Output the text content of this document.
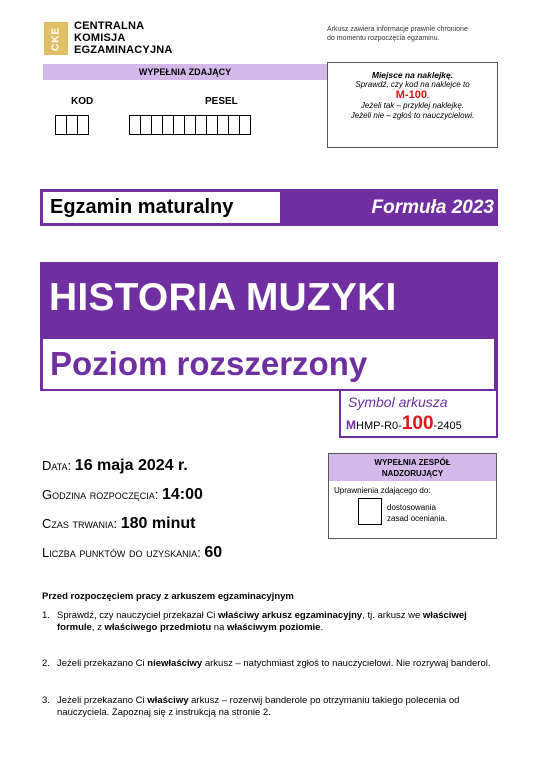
CKE
CENTRALNA
KOMISJA
EGZAMINACYJNA
Arkusz zawiera informacje prawnie chronione
do momentu rozpoczęcia egzaminu.
WYPEŁNIA ZDAJĄCY
KOD	PESEL
Miejsce na naklejkę.
Sprawdź, czy kod na naklejce to
M-100.
Jeżeli tak – przyklej naklejkę.
Jeżeli nie – zgłoś to nauczycielowi.
Egzamin maturalny	Formuła 2023
HISTORIA MUZYKI
Poziom rozszerzony
Symbol arkusza
MHMP-R0-100-2405
Data: 16 maja 2024 r.
Godzina rozpoczęcia: 14:00
Czas trwania: 180 minut
Liczba punktów do uzyskania: 60
WYPEŁNIA ZESPÓŁ
NADZORUJĄCY
Uprawnienia zdającego do:
dostosowania
zasad oceniania.
Przed rozpoczęciem pracy z arkuszem egzaminacyjnym
1. Sprawdź, czy nauczyciel przekazał Ci właściwy arkusz egzaminacyjny, tj. arkusz we właściwej formule, z właściwego przedmiotu na właściwym poziomie.
2. Jeżeli przekazano Ci niewłaściwy arkusz – natychmiast zgłoś to nauczycielowi. Nie rozrywaj banderol.
3. Jeżeli przekazano Ci właściwy arkusz – rozerwij banderole po otrzymaniu takiego polecenia od nauczyciela. Zapoznaj się z instrukcją na stronie 2.
